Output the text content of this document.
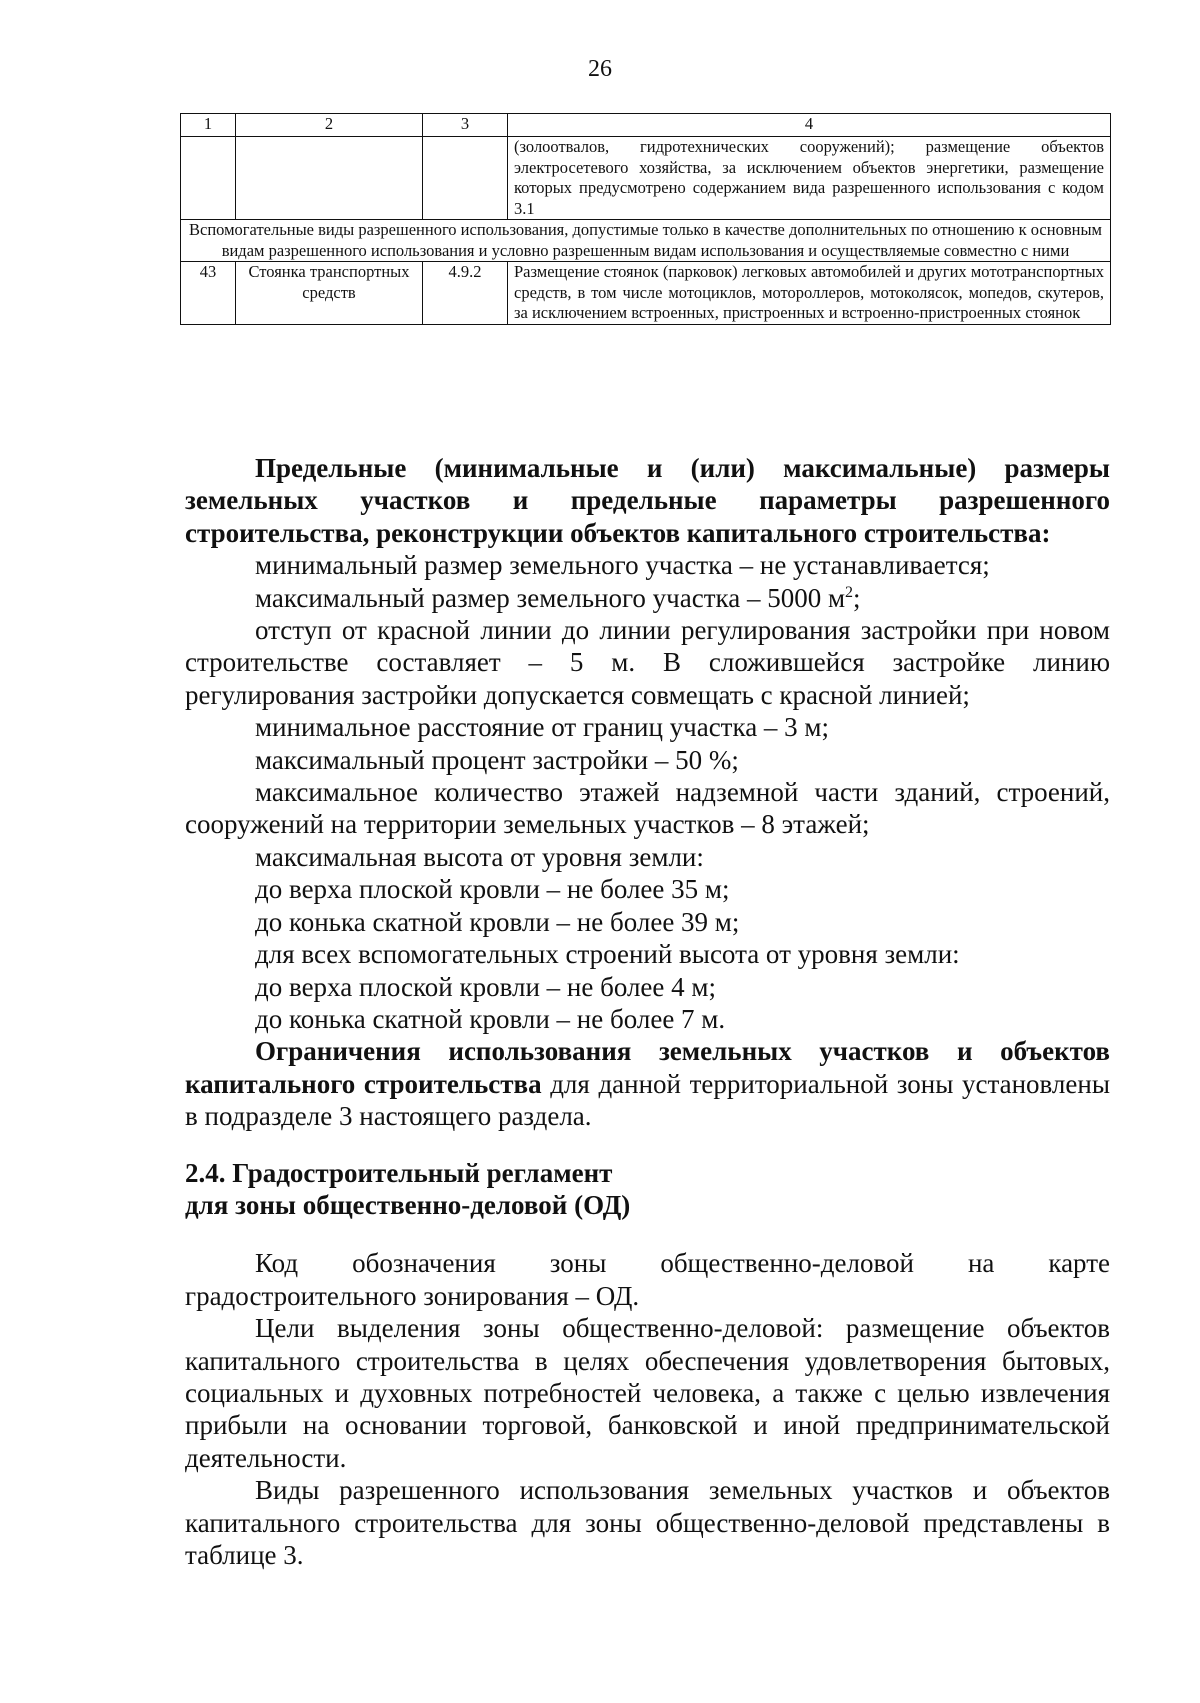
26
1	2	3	4
			(золоотвалов, гидротехнических сооружений); размещение объектов электросетевого хозяйства, за исключением объектов энергетики, размещение которых предусмотрено содержанием вида разрешенного использования с кодом 3.1
Вспомогательные виды разрешенного использования, допустимые только в качестве дополнительных по отношению к основным видам разрешенного использования и условно разрешенным видам использования и осуществляемые совместно с ними			
43	Стоянка транспортных средств	4.9.2	Размещение стоянок (парковок) легковых автомобилей и других мототранспортных средств, в том числе мотоциклов, мотороллеров, мотоколясок, мопедов, скутеров, за исключением встроенных, пристроенных и встроенно-пристроенных стоянок

Предельные (минимальные и (или) максимальные) размеры земельных участков и предельные параметры разрешенного строительства, реконструкции объектов капитального строительства:

минимальный размер земельного участка – не устанавливается;

максимальный размер земельного участка – 5000 $м^2$;

отступ от красной линии до линии регулирования застройки при новом строительстве составляет – 5 м. В сложившейся застройке линию регулирования застройки допускается совмещать с красной линией;

минимальное расстояние от границ участка – 3 м;

максимальный процент застройки – 50 %;

максимальное количество этажей надземной части зданий, строений, сооружений на территории земельных участков – 8 этажей;

максимальная высота от уровня земли:

до верха плоской кровли – не более 35 м;

до конька скатной кровли – не более 39 м;

для всех вспомогательных строений высота от уровня земли:

до верха плоской кровли – не более 4 м;

до конька скатной кровли – не более 7 м.

Ограничения использования земельных участков и объектов капитального строительства для данной территориальной зоны установлены в подразделе 3 настоящего раздела.

2.4. Градостроительный регламент

для зоны общественно-деловой (ОД)

Код обозначения зоны общественно-деловой на карте градостроительного зонирования – ОД.

Цели выделения зоны общественно-деловой: размещение объектов капитального строительства в целях обеспечения удовлетворения бытовых, социальных и духовных потребностей человека, а также с целью извлечения прибыли на основании торговой, банковской и иной предпринимательской деятельности.

Виды разрешенного использования земельных участков и объектов капитального строительства для зоны общественно-деловой представлены в таблице 3.
